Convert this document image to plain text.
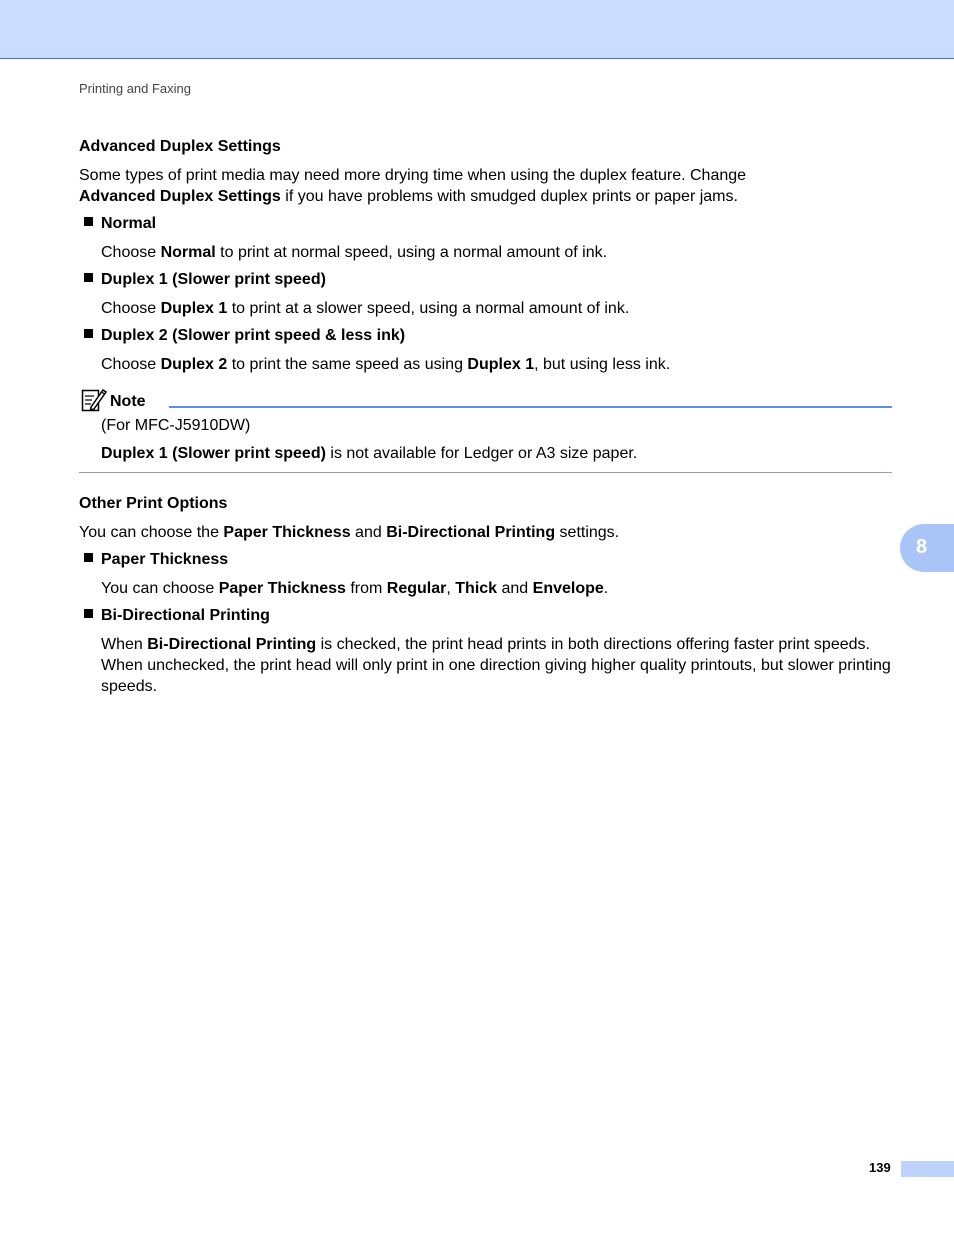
Printing and Faxing
Advanced Duplex Settings
Some types of print media may need more drying time when using the duplex feature. Change Advanced Duplex Settings if you have problems with smudged duplex prints or paper jams.
Normal
Choose Normal to print at normal speed, using a normal amount of ink.
Duplex 1 (Slower print speed)
Choose Duplex 1 to print at a slower speed, using a normal amount of ink.
Duplex 2 (Slower print speed & less ink)
Choose Duplex 2 to print the same speed as using Duplex 1, but using less ink.
Note
(For MFC-J5910DW)
Duplex 1 (Slower print speed) is not available for Ledger or A3 size paper.
Other Print Options
You can choose the Paper Thickness and Bi-Directional Printing settings.
Paper Thickness
You can choose Paper Thickness from Regular, Thick and Envelope.
Bi-Directional Printing
When Bi-Directional Printing is checked, the print head prints in both directions offering faster print speeds. When unchecked, the print head will only print in one direction giving higher quality printouts, but slower printing speeds.
8
139
